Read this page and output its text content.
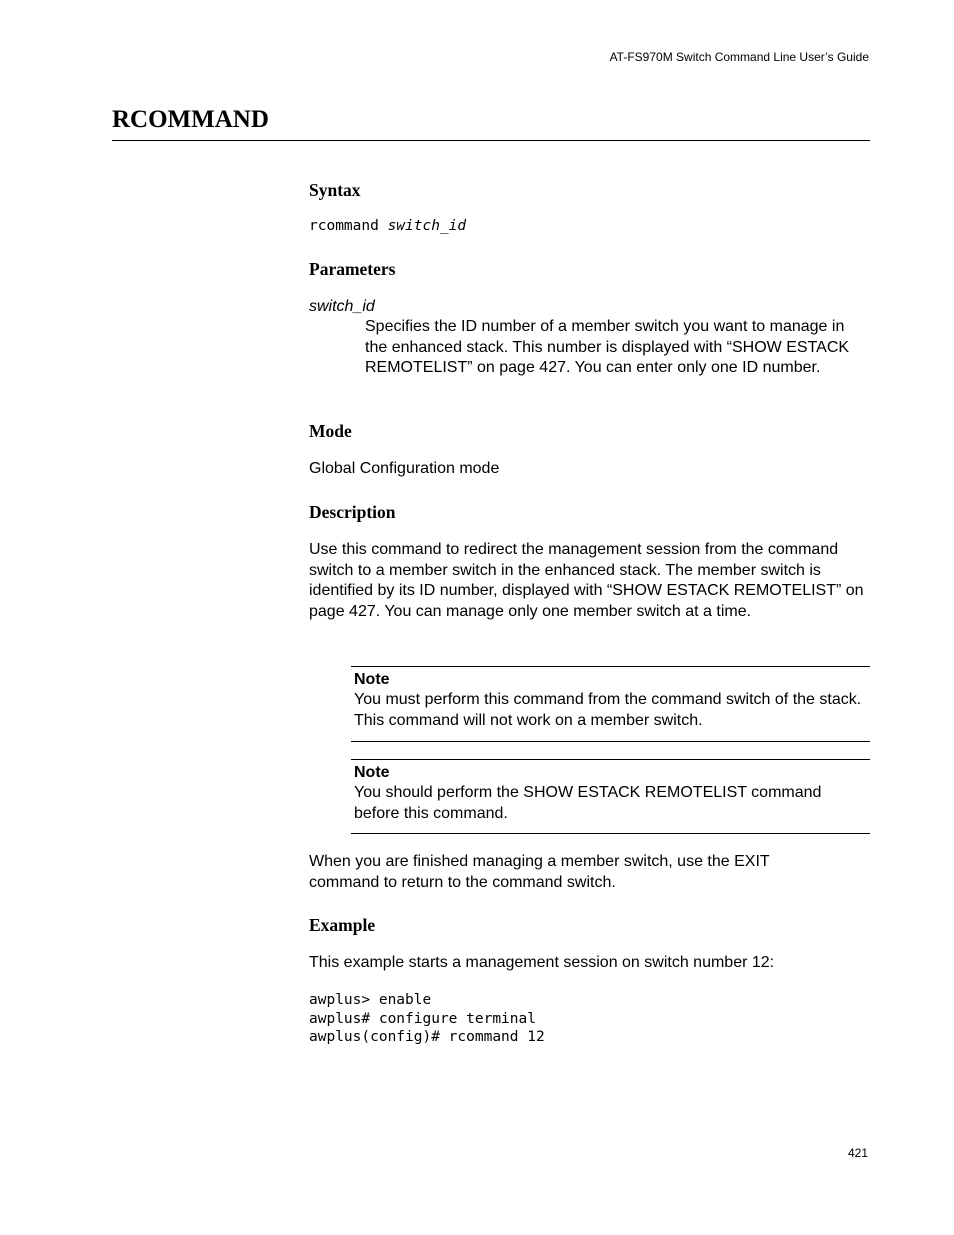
AT-FS970M Switch Command Line User’s Guide
RCOMMAND
Syntax
rcommand switch_id
Parameters
switch_id
Specifies the ID number of a member switch you want to manage in the enhanced stack. This number is displayed with “SHOW ESTACK REMOTELIST” on page 427. You can enter only one ID number.
Mode
Global Configuration mode
Description
Use this command to redirect the management session from the command switch to a member switch in the enhanced stack. The member switch is identified by its ID number, displayed with “SHOW ESTACK REMOTELIST” on page 427. You can manage only one member switch at a time.
Note
You must perform this command from the command switch of the stack. This command will not work on a member switch.
Note
You should perform the SHOW ESTACK REMOTELIST command before this command.
When you are finished managing a member switch, use the EXIT command to return to the command switch.
Example
This example starts a management session on switch number 12:
awplus> enable
awplus# configure terminal
awplus(config)# rcommand 12
421
